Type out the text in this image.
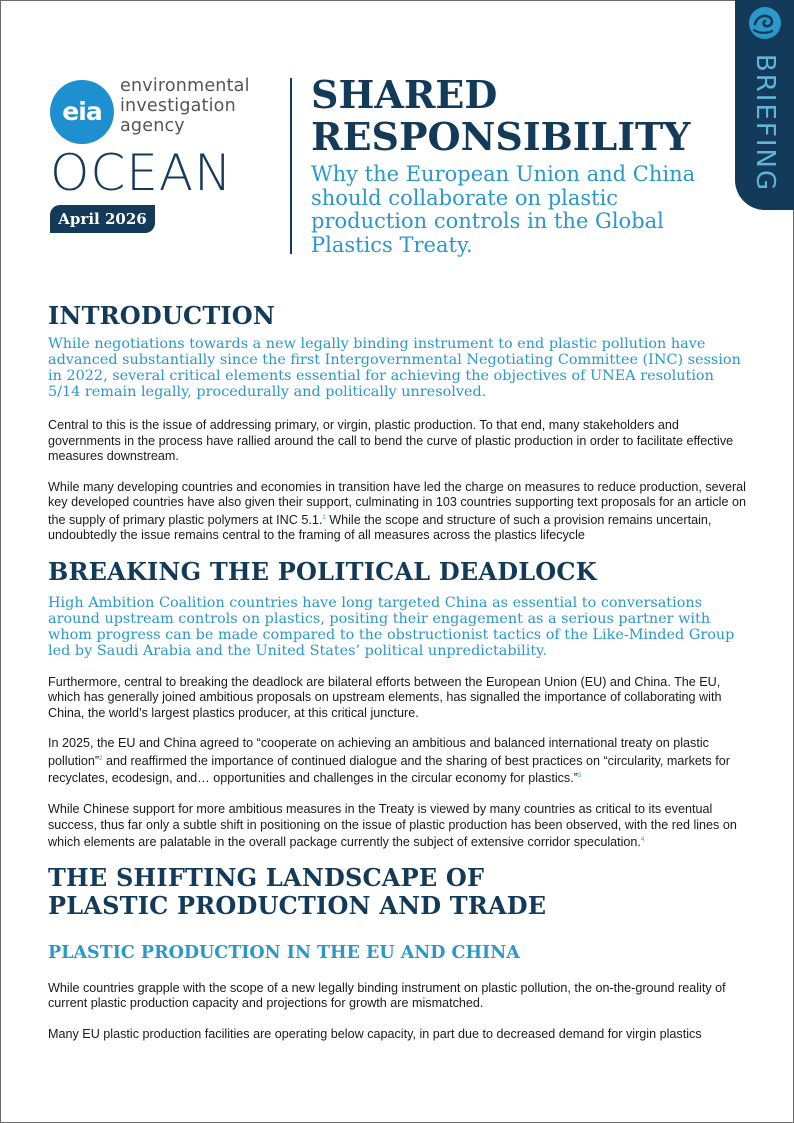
BRIEFING
eia
environmental
investigation
agency
OCEAN
April 2026
SHARED
RESPONSIBILITY
Why the European Union and China should collaborate on plastic production controls in the Global Plastics Treaty.
INTRODUCTION

While negotiations towards a new legally binding instrument to end plastic pollution have advanced substantially since the first Intergovernmental Negotiating Committee (INC) session in 2022, several critical elements essential for achieving the objectives of UNEA resolution 5/14 remain legally, procedurally and politically unresolved.

Central to this is the issue of addressing primary, or virgin, plastic production. To that end, many stakeholders and governments in the process have rallied around the call to bend the curve of plastic production in order to facilitate effective measures downstream.

While many developing countries and economies in transition have led the charge on measures to reduce production, several key developed countries have also given their support, culminating in 103 countries supporting text proposals for an article on the supply of primary plastic polymers at INC 5.1.$^1$ While the scope and structure of such a provision remains uncertain, undoubtedly the issue remains central to the framing of all measures across the plastics lifecycle

BREAKING THE POLITICAL DEADLOCK

High Ambition Coalition countries have long targeted China as essential to conversations around upstream controls on plastics, positing their engagement as a serious partner with whom progress can be made compared to the obstructionist tactics of the Like-Minded Group led by Saudi Arabia and the United States’ political unpredictability.

Furthermore, central to breaking the deadlock are bilateral efforts between the European Union (EU) and China. The EU, which has generally joined ambitious proposals on upstream elements, has signalled the importance of collaborating with China, the world’s largest plastics producer, at this critical juncture.

In 2025, the EU and China agreed to “cooperate on achieving an ambitious and balanced international treaty on plastic pollution”$^2$ and reaffirmed the importance of continued dialogue and the sharing of best practices on “circularity, markets for recyclates, ecodesign, and… opportunities and challenges in the circular economy for plastics.”$^3$

While Chinese support for more ambitious measures in the Treaty is viewed by many countries as critical to its eventual success, thus far only a subtle shift in positioning on the issue of plastic production has been observed, with the red lines on which elements are palatable in the overall package currently the subject of extensive corridor speculation.$^4$

THE SHIFTING LANDSCAPE OF PLASTIC PRODUCTION AND TRADE
PLASTIC PRODUCTION IN THE EU AND CHINA

While countries grapple with the scope of a new legally binding instrument on plastic pollution, the on-the-ground reality of current plastic production capacity and projections for growth are mismatched.

Many EU plastic production facilities are operating below capacity, in part due to decreased demand for virgin plastics
